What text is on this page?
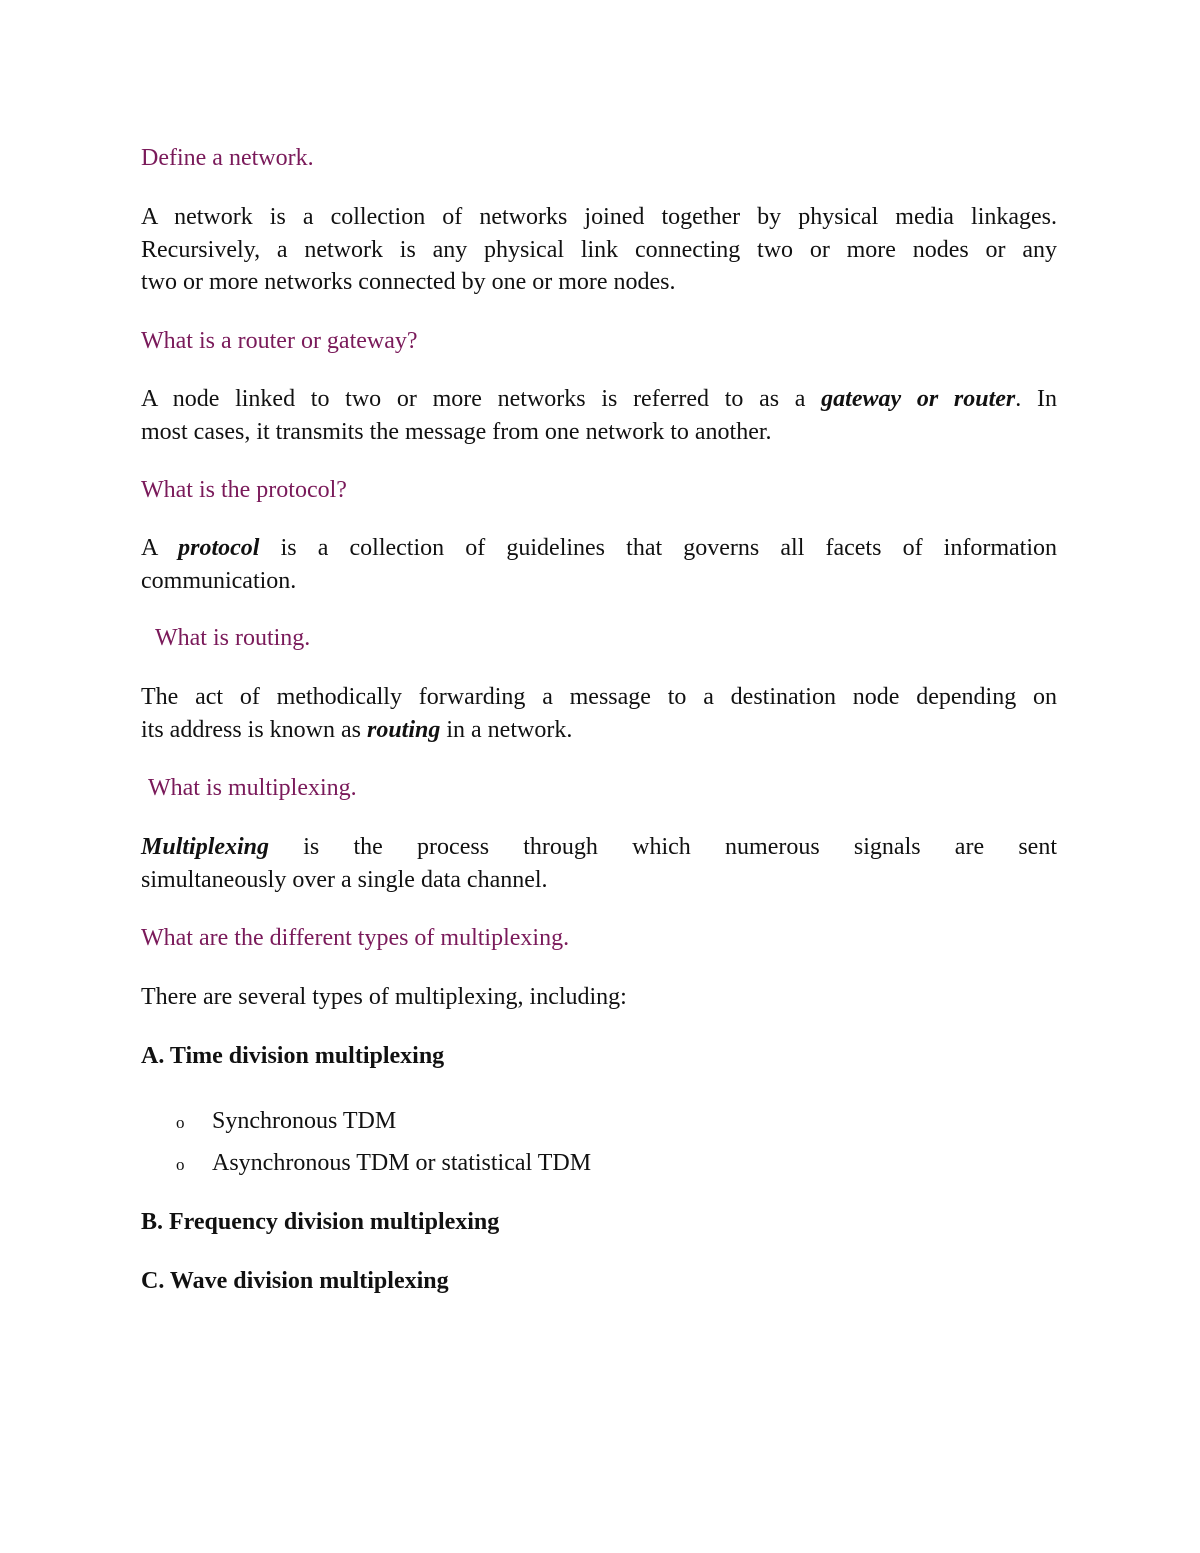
Define a network.

A network is a collection of networks joined together by physical media linkages.
Recursively, a network is any physical link connecting two or more nodes or any
two or more networks connected by one or more nodes.

What is a router or gateway?

A node linked to two or more networks is referred to as a gateway or router. In
most cases, it transmits the message from one network to another.

What is the protocol?

A protocol is a collection of guidelines that governs all facets of information
communication.

What is routing.

The act of methodically forwarding a message to a destination node depending on
its address is known as routing in a network.

What is multiplexing.

Multiplexing is the process through which numerous signals are sent
simultaneously over a single data channel.

What are the different types of multiplexing.

There are several types of multiplexing, including:

A. Time division multiplexing

o Synchronous TDM

o Asynchronous TDM or statistical TDM

B. Frequency division multiplexing

C. Wave division multiplexing
